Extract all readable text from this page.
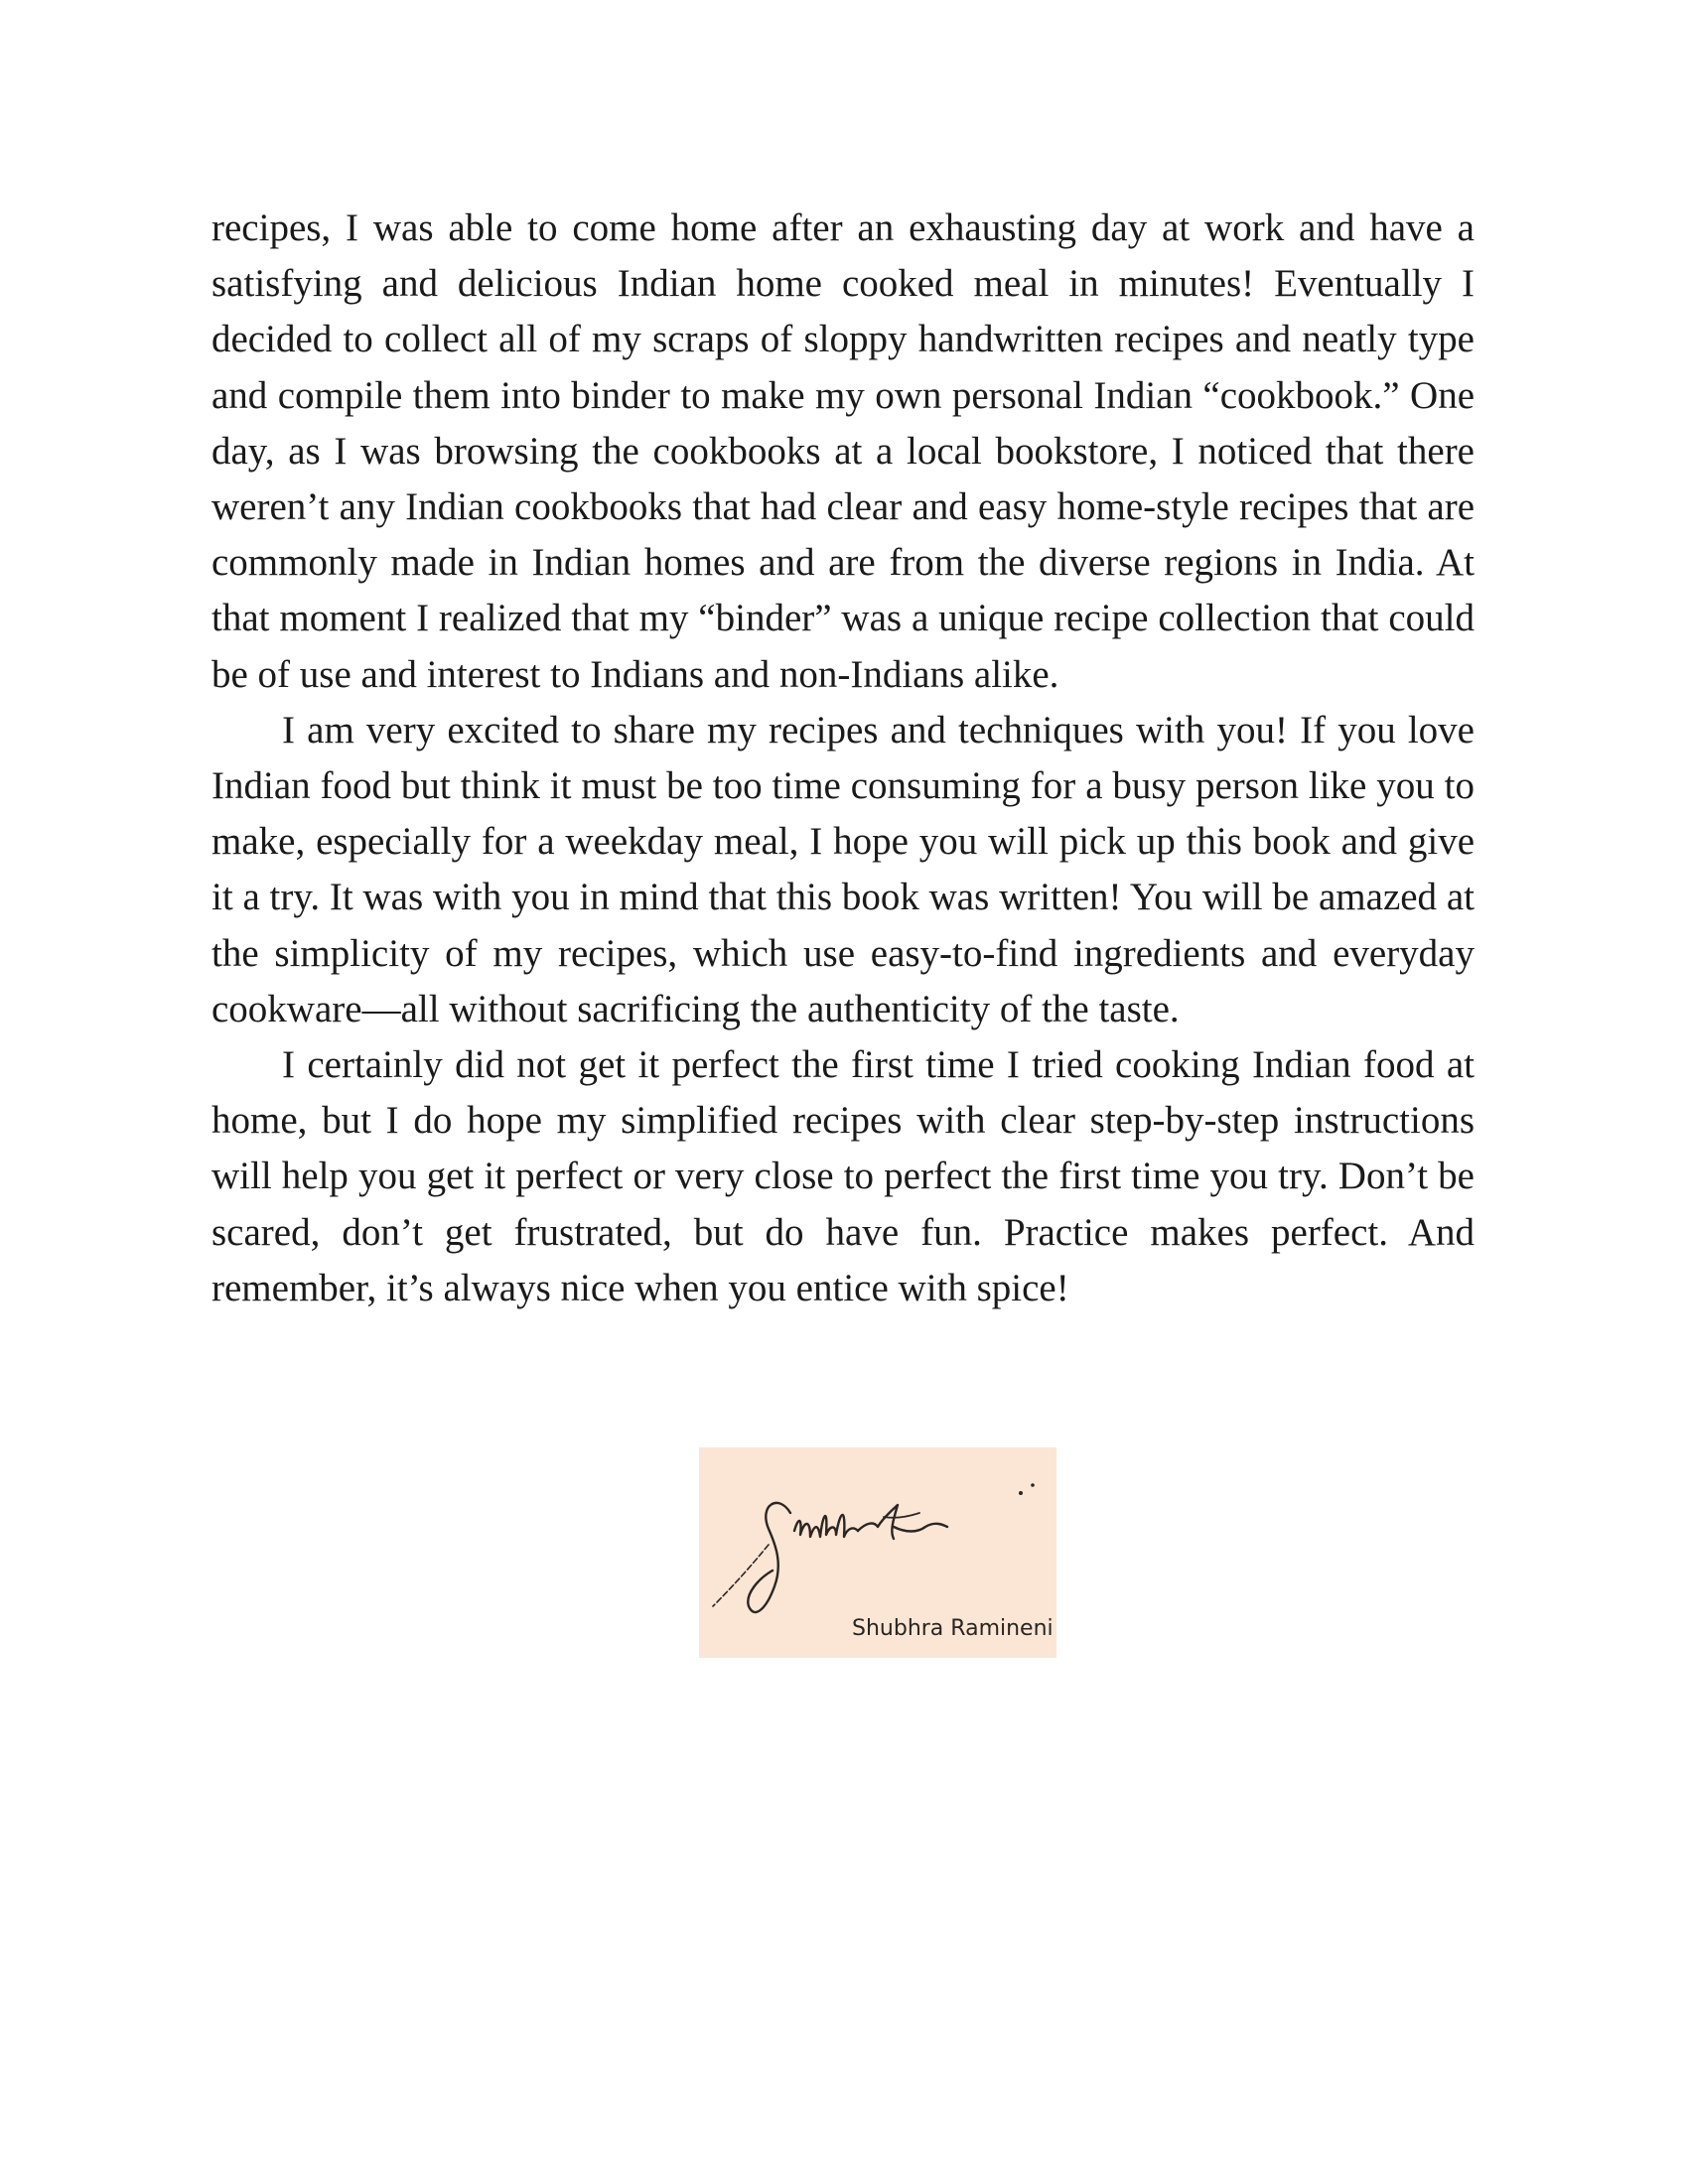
recipes, I was able to come home after an exhausting day at work and have a satisfying and delicious Indian home cooked meal in minutes! Eventually I decided to collect all of my scraps of sloppy handwritten recipes and neatly type and compile them into binder to make my own personal Indian “cookbook.” One day, as I was browsing the cookbooks at a local bookstore, I noticed that there weren’t any Indian cookbooks that had clear and easy home-style recipes that are commonly made in Indian homes and are from the diverse regions in India. At that moment I realized that my “binder” was a unique recipe collection that could be of use and interest to Indians and non-Indians alike.

I am very excited to share my recipes and techniques with you! If you love Indian food but think it must be too time consuming for a busy person like you to make, especially for a weekday meal, I hope you will pick up this book and give it a try. It was with you in mind that this book was written! You will be amazed at the simplicity of my recipes, which use easy-to-find ingredients and everyday cookware—all without sacrificing the authenticity of the taste.

I certainly did not get it perfect the first time I tried cooking Indian food at home, but I do hope my simplified recipes with clear step-by-step instructions will help you get it perfect or very close to perfect the first time you try. Don’t be scared, don’t get frustrated, but do have fun. Practice makes perfect. And remember, it’s always nice when you entice with spice!

Shubhra Ramineni
